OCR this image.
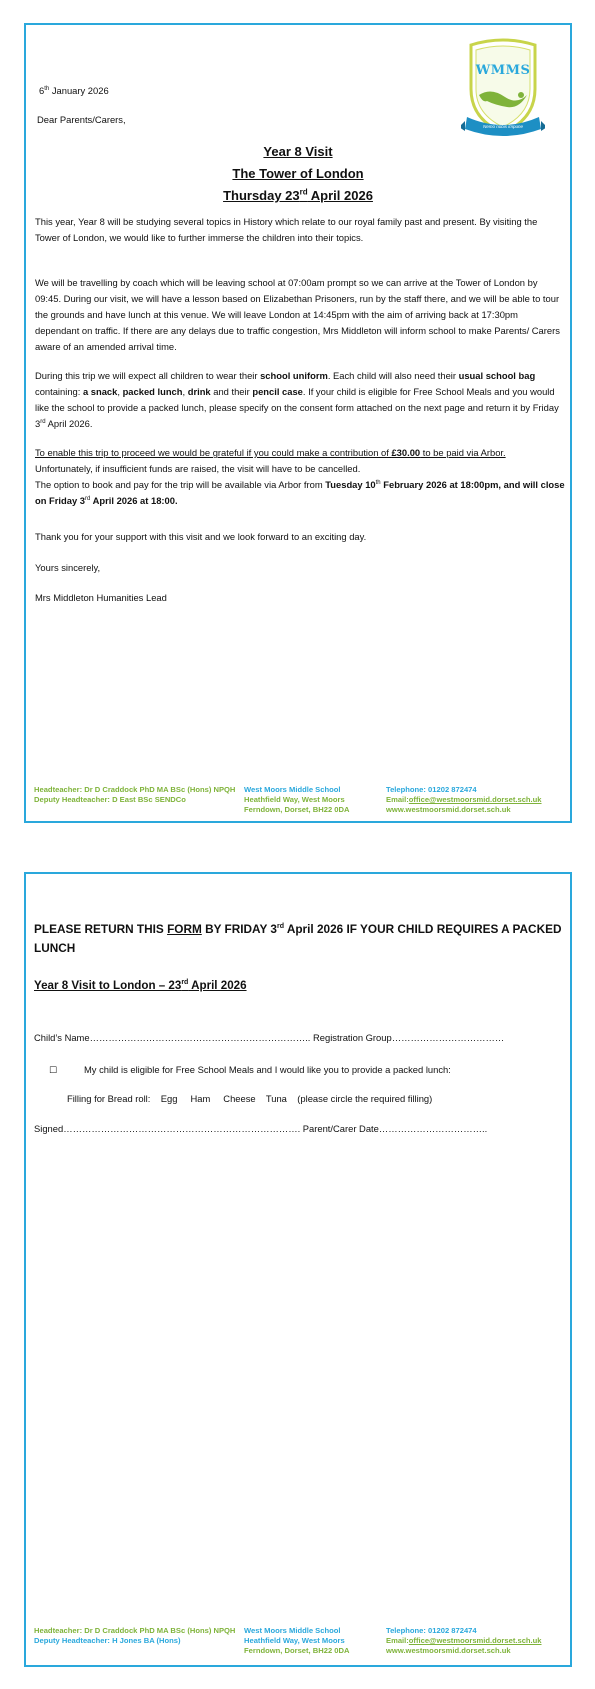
WMMS
Nemo nobis impune
6th January 2026
Dear Parents/Carers,
Year 8 Visit
The Tower of London
Thursday 23rd April 2026
This year, Year 8 will be studying several topics in History which relate to our royal family past and present. By visiting the Tower of London, we would like to further immerse the children into their topics.
We will be travelling by coach which will be leaving school at 07:00am prompt so we can arrive at the Tower of London by 09:45. During our visit, we will have a lesson based on Elizabethan Prisoners, run by the staff there, and we will be able to tour the grounds and have lunch at this venue. We will leave London at 14:45pm with the aim of arriving back at 17:30pm dependant on traffic. If there are any delays due to traffic congestion, Mrs Middleton will inform school to make Parents/ Carers aware of an amended arrival time.
During this trip we will expect all children to wear their school uniform. Each child will also need their usual school bag containing: a snack, packed lunch, drink and their pencil case. If your child is eligible for Free School Meals and you would like the school to provide a packed lunch, please specify on the consent form attached on the next page and return it by Friday 3rd April 2026.
To enable this trip to proceed we would be grateful if you could make a contribution of £30.00 to be paid via Arbor. Unfortunately, if insufficient funds are raised, the visit will have to be cancelled.
The option to book and pay for the trip will be available via Arbor from Tuesday 10th February 2026 at 18:00pm, and will close on Friday 3rd April 2026 at 18:00.
Thank you for your support with this visit and we look forward to an exciting day.
Yours sincerely,
Mrs Middleton Humanities Lead
Headteacher: Dr D Craddock PhD MA BSc (Hons) NPQH
Deputy Headteacher: D East BSc SENDCo
West Moors Middle School
Heathfield Way, West Moors
Ferndown, Dorset, BH22 0DA
Telephone: 01202 872474
Email:office@westmoorsmid.dorset.sch.uk
www.westmoorsmid.dorset.sch.uk
PLEASE RETURN THIS FORM BY FRIDAY 3rd April 2026 IF YOUR CHILD REQUIRES A PACKED LUNCH
Year 8 Visit to London – 23rd April 2026
Child’s Name…………………………………………………………….. Registration Group………………………………
☐	My child is eligible for Free School Meals and I would like you to provide a packed lunch:
Filling for Bread roll:    Egg     Ham     Cheese    Tuna    (please circle the required filling)
Signed…………………………………………………………………. Parent/Carer Date……………………………..
Headteacher: Dr D Craddock PhD MA BSc (Hons) NPQH
Deputy Headteacher: H Jones BA (Hons)
West Moors Middle School
Heathfield Way, West Moors
Ferndown, Dorset, BH22 0DA
Telephone: 01202 872474
Email:office@westmoorsmid.dorset.sch.uk
www.westmoorsmid.dorset.sch.uk
